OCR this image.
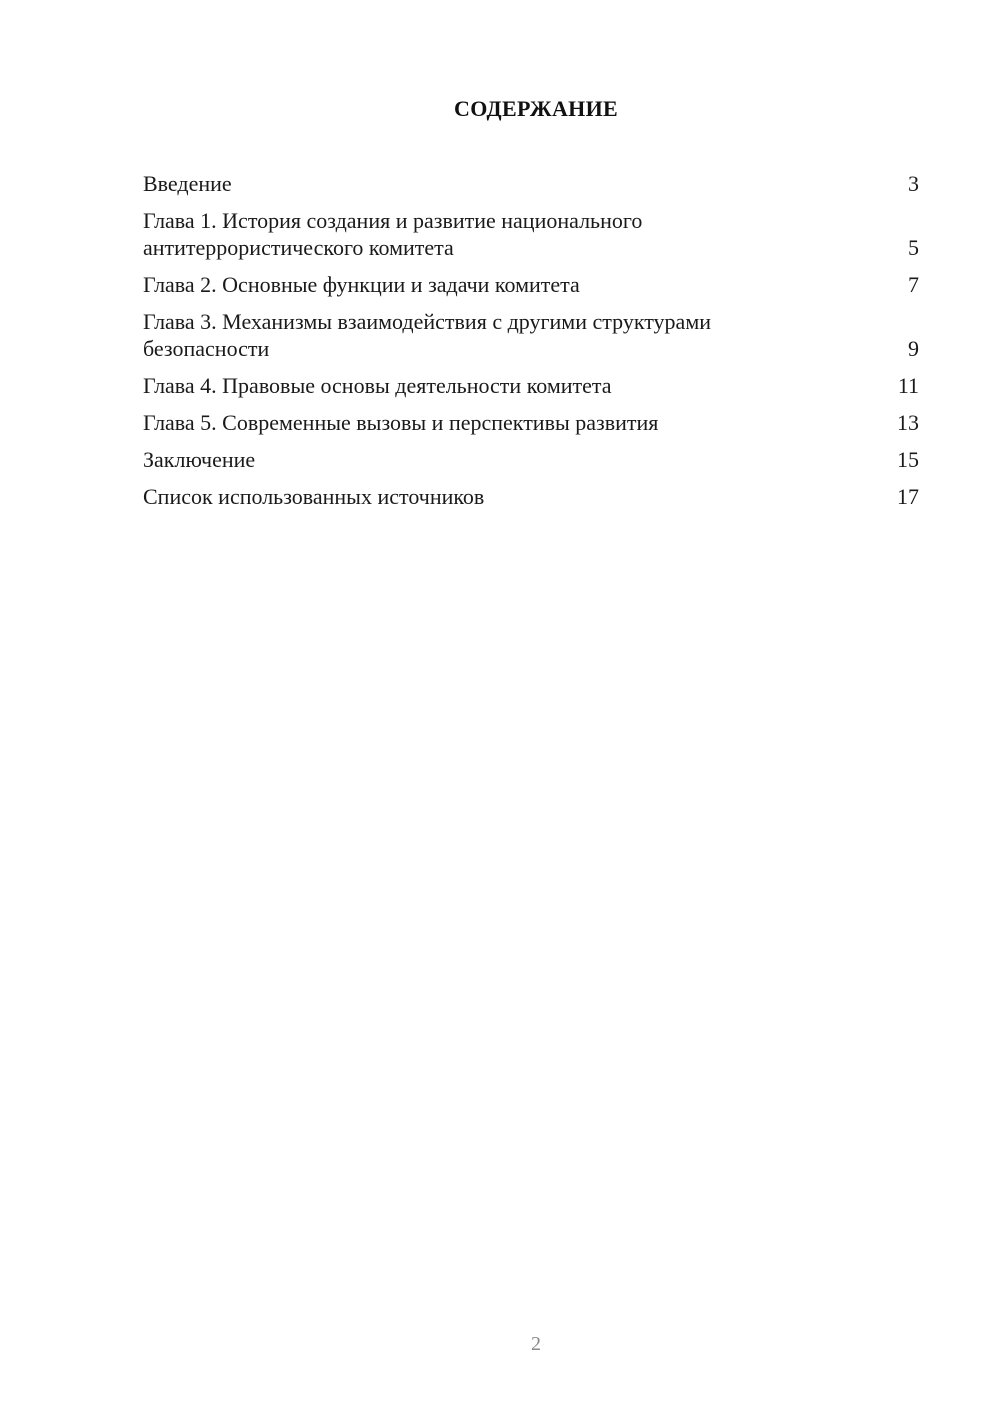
СОДЕРЖАНИЕ
Введение	3
Глава 1. История создания и развитие национального антитеррористического комитета	5
Глава 2. Основные функции и задачи комитета	7
Глава 3. Механизмы взаимодействия с другими структурами безопасности	9
Глава 4. Правовые основы деятельности комитета	11
Глава 5. Современные вызовы и перспективы развития	13
Заключение	15
Список использованных источников	17
2
